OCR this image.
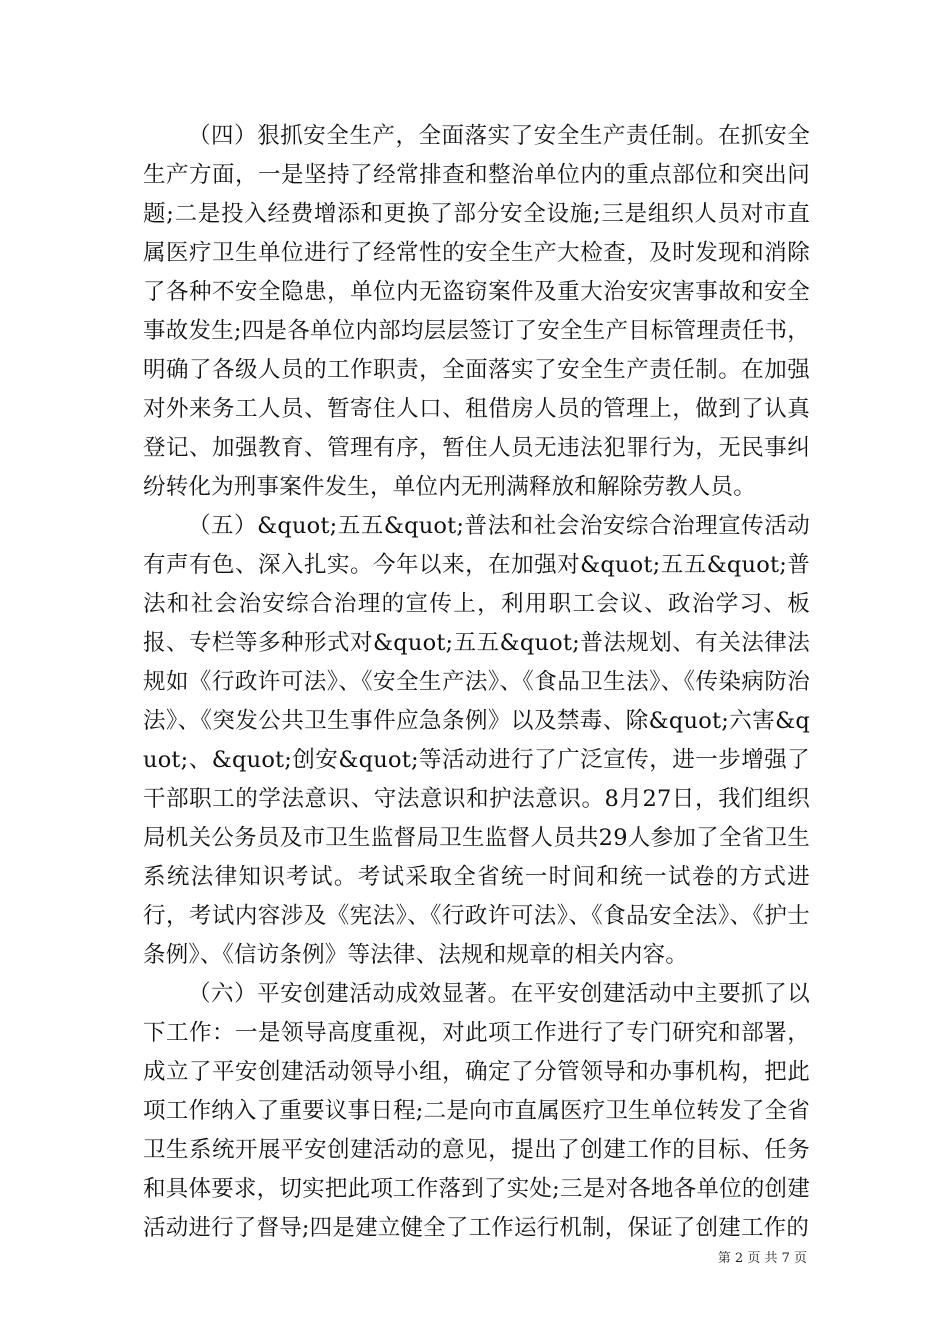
（四）狠抓安全生产，全面落实了安全生产责任制。在抓安全生产方面，一是坚持了经常排查和整治单位内的重点部位和突出问题;二是投入经费增添和更换了部分安全设施;三是组织人员对市直属医疗卫生单位进行了经常性的安全生产大检查，及时发现和消除了各种不安全隐患，单位内无盗窃案件及重大治安灾害事故和安全事故发生;四是各单位内部均层层签订了安全生产目标管理责任书，明确了各级人员的工作职责，全面落实了安全生产责任制。在加强对外来务工人员、暂寄住人口、租借房人员的管理上，做到了认真登记、加强教育、管理有序，暂住人员无违法犯罪行为，无民事纠纷转化为刑事案件发生，单位内无刑满释放和解除劳教人员。

（五）&quot;五五&quot;普法和社会治安综合治理宣传活动有声有色、深入扎实。今年以来，在加强对&quot;五五&quot;普法和社会治安综合治理的宣传上，利用职工会议、政治学习、板报、专栏等多种形式对&quot;五五&quot;普法规划、有关法律法规如《行政许可法》、《安全生产法》、《食品卫生法》、《传染病防治法》、《突发公共卫生事件应急条例》以及禁毒、除&quot;六害&quot;、&quot;创安&quot;等活动进行了广泛宣传，进一步增强了干部职工的学法意识、守法意识和护法意识。8月27日，我们组织局机关公务员及市卫生监督局卫生监督人员共29人参加了全省卫生系统法律知识考试。考试采取全省统一时间和统一试卷的方式进行，考试内容涉及《宪法》、《行政许可法》、《食品安全法》、《护士条例》、《信访条例》等法律、法规和规章的相关内容。

（六）平安创建活动成效显著。在平安创建活动中主要抓了以下工作：一是领导高度重视，对此项工作进行了专门研究和部署，成立了平安创建活动领导小组，确定了分管领导和办事机构，把此项工作纳入了重要议事日程;二是向市直属医疗卫生单位转发了全省卫生系统开展平安创建活动的意见，提出了创建工作的目标、任务和具体要求，切实把此项工作落到了实处;三是对各地各单位的创建活动进行了督导;四是建立健全了工作运行机制，保证了创建工作的

第 2 页 共 7 页
